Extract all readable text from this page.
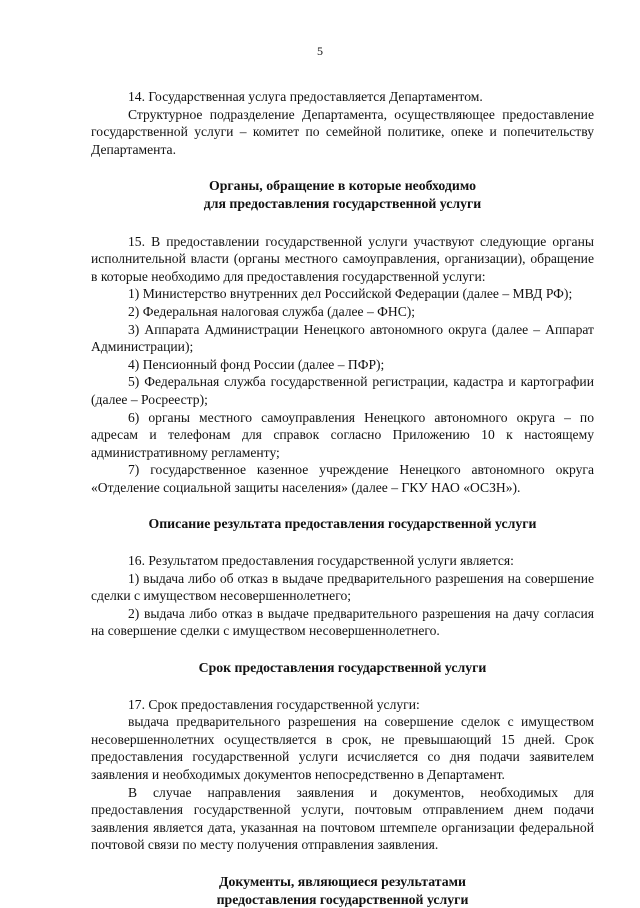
5

14. Государственная услуга предоставляется Департаментом.

Структурное подразделение Департамента, осуществляющее предоставление государственной услуги – комитет по семейной политике, опеке и попечительству Департамента.

Органы, обращение в которые необходимо

для предоставления государственной услуги

15. В предоставлении государственной услуги участвуют следующие органы исполнительной власти (органы местного самоуправления, организации), обращение в которые необходимо для предоставления государственной услуги:

1) Министерство внутренних дел Российской Федерации (далее – МВД РФ);

2) Федеральная налоговая служба (далее – ФНС);

3) Аппарата Администрации Ненецкого автономного округа (далее – Аппарат Администрации);

4) Пенсионный фонд России (далее – ПФР);

5) Федеральная служба государственной регистрации, кадастра и картографии (далее – Росреестр);

6) органы местного самоуправления Ненецкого автономного округа – по адресам и телефонам для справок согласно Приложению 10 к настоящему административному регламенту;

7) государственное казенное учреждение Ненецкого автономного округа «Отделение социальной защиты населения» (далее – ГКУ НАО «ОСЗН»).

Описание результата предоставления государственной услуги

16. Результатом предоставления государственной услуги является:

1) выдача либо об отказ в выдаче предварительного разрешения на совершение сделки с имуществом несовершеннолетнего;

2) выдача либо отказ в выдаче предварительного разрешения на дачу согласия на совершение сделки с имуществом несовершеннолетнего.

Срок предоставления государственной услуги

17. Срок предоставления государственной услуги:

выдача предварительного разрешения на совершение сделок с имуществом несовершеннолетних осуществляется в срок, не превышающий 15 дней. Срок предоставления государственной услуги исчисляется со дня подачи заявителем заявления и необходимых документов непосредственно в Департамент.

В случае направления заявления и документов, необходимых для предоставления государственной услуги, почтовым отправлением днем подачи заявления является дата, указанная на почтовом штемпеле организации федеральной почтовой связи по месту получения отправления заявления.

Документы, являющиеся результатами

предоставления государственной услуги
